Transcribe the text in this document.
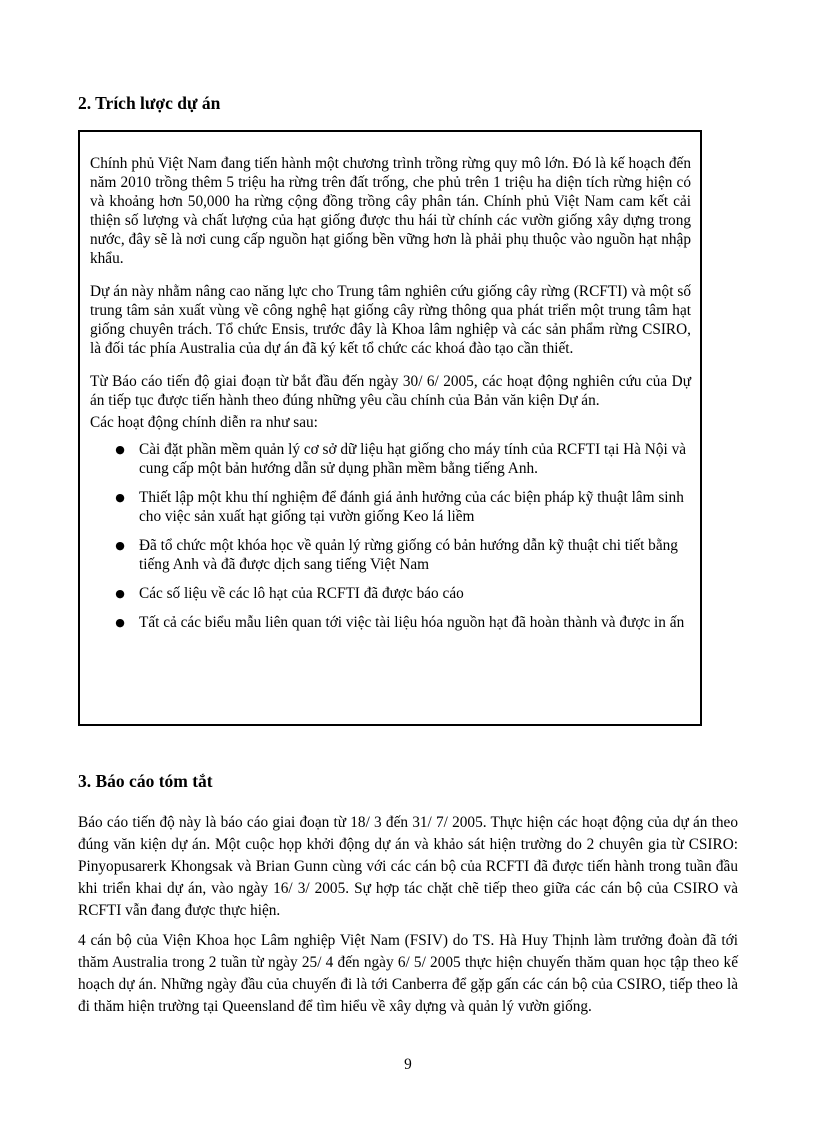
2. Trích lược dự án

Chính phủ Việt Nam đang tiến hành một chương trình trồng rừng quy mô lớn. Đó là kế hoạch đến năm 2010 trồng thêm 5 triệu ha rừng trên đất trống, che phủ trên 1 triệu ha diện tích rừng hiện có và khoảng hơn 50,000 ha rừng cộng đồng trồng cây phân tán. Chính phủ Việt Nam cam kết cải thiện số lượng và chất lượng của hạt giống được thu hái từ chính các vườn giống xây dựng trong nước, đây sẽ là nơi cung cấp nguồn hạt giống bền vững hơn là phải phụ thuộc vào nguồn hạt nhập khẩu.

Dự án này nhằm nâng cao năng lực cho Trung tâm nghiên cứu giống cây rừng (RCFTI) và một số trung tâm sản xuất vùng về công nghệ hạt giống cây rừng thông qua phát triển một trung tâm hạt giống chuyên trách. Tổ chức Ensis, trước đây là Khoa lâm nghiệp và các sản phẩm rừng CSIRO, là đối tác phía Australia của dự án đã ký kết tổ chức các khoá đào tạo cần thiết.

Từ Báo cáo tiến độ giai đoạn từ bắt đầu đến ngày 30/ 6/ 2005, các hoạt động nghiên cứu của Dự án tiếp tục được tiến hành theo đúng những yêu cầu chính của Bản văn kiện Dự án.

Các hoạt động chính diễn ra như sau:

● Cài đặt phần mềm quản lý cơ sở dữ liệu hạt giống cho máy tính của RCFTI tại Hà Nội và cung cấp một bản hướng dẫn sử dụng phần mềm bằng tiếng Anh.
● Thiết lập một khu thí nghiệm để đánh giá ảnh hưởng của các biện pháp kỹ thuật lâm sinh cho việc sản xuất hạt giống tại vườn giống Keo lá liềm
● Đã tổ chức một khóa học về quản lý rừng giống có bản hướng dẫn kỹ thuật chi tiết bằng tiếng Anh và đã được dịch sang tiếng Việt Nam
● Các số liệu về các lô hạt của RCFTI đã được báo cáo
● Tất cả các biểu mẫu liên quan tới việc tài liệu hóa nguồn hạt đã hoàn thành và được in ấn
3. Báo cáo tóm tắt

Báo cáo tiến độ này là báo cáo giai đoạn từ 18/ 3 đến 31/ 7/ 2005. Thực hiện các hoạt động của dự án theo đúng văn kiện dự án. Một cuộc họp khởi động dự án và khảo sát hiện trường do 2 chuyên gia từ CSIRO: Pinyopusarerk Khongsak và Brian Gunn cùng với các cán bộ của RCFTI đã được tiến hành trong tuần đầu khi triển khai dự án, vào ngày 16/ 3/ 2005. Sự hợp tác chặt chẽ tiếp theo giữa các cán bộ của CSIRO và RCFTI vẫn đang được thực hiện.

4 cán bộ của Viện Khoa học Lâm nghiệp Việt Nam (FSIV) do TS. Hà Huy Thịnh làm trưởng đoàn đã tới thăm Australia trong 2 tuần từ ngày 25/ 4 đến ngày 6/ 5/ 2005 thực hiện chuyến thăm quan học tập theo kế hoạch dự án. Những ngày đầu của chuyến đi là tới Canberra để gặp gấn các cán bộ của CSIRO, tiếp theo là đi thăm hiện trường tại Queensland để tìm hiểu về xây dựng và quản lý vườn giống.

9
